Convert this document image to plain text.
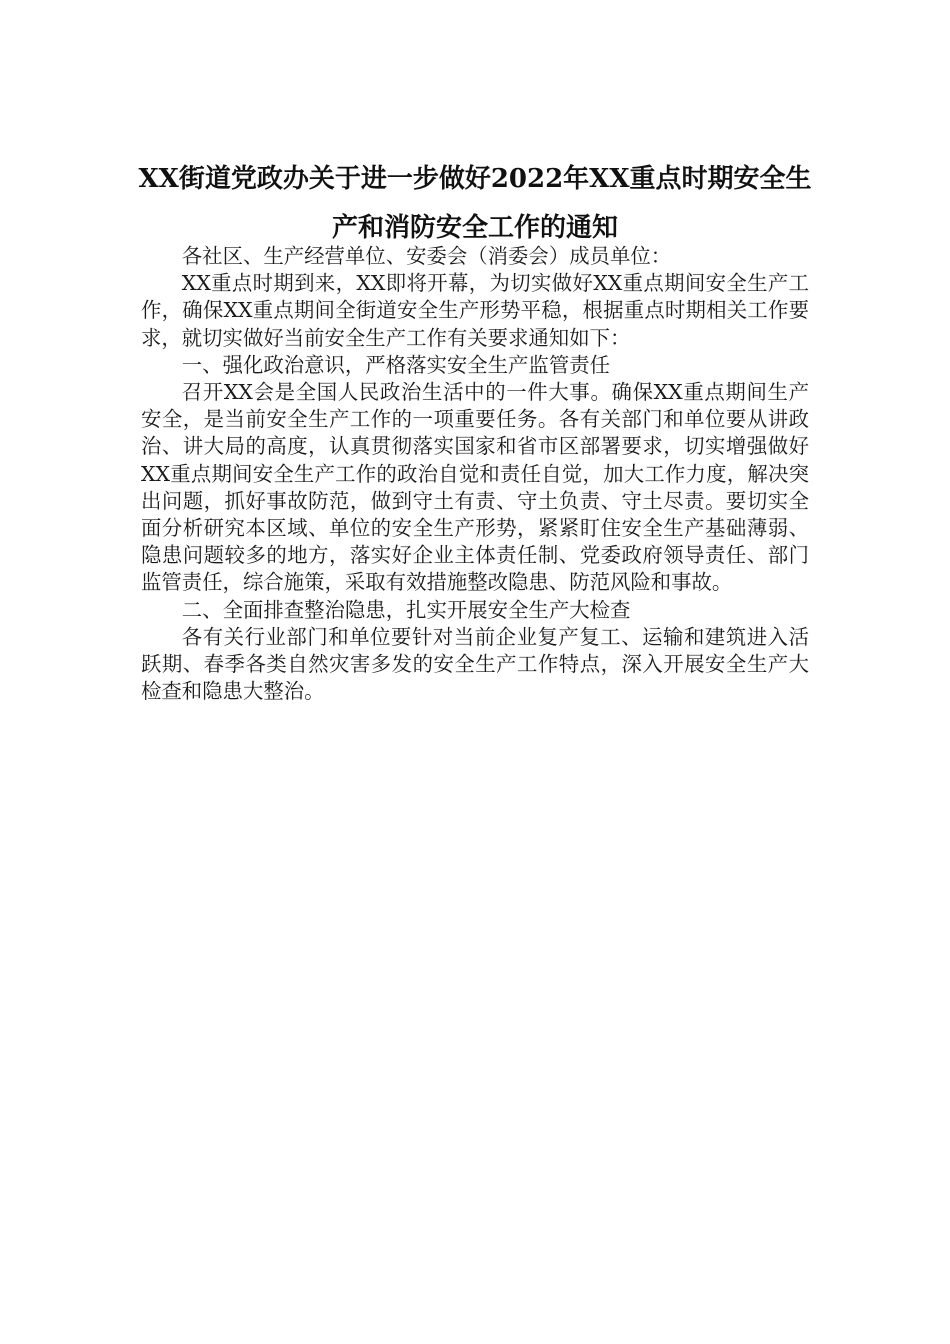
XX街道党政办关于进一步做好2022年XX重点时期安全生
产和消防安全工作的通知

各社区、生产经营单位、安委会（消委会）成员单位：

XX重点时期到来，XX即将开幕，为切实做好XX重点期间安全生产工作，确保XX重点期间全街道安全生产形势平稳，根据重点时期相关工作要求，就切实做好当前安全生产工作有关要求通知如下：

一、强化政治意识，严格落实安全生产监管责任

召开XX会是全国人民政治生活中的一件大事。确保XX重点期间生产安全，是当前安全生产工作的一项重要任务。各有关部门和单位要从讲政治、讲大局的高度，认真贯彻落实国家和省市区部署要求，切实增强做好XX重点期间安全生产工作的政治自觉和责任自觉，加大工作力度，解决突出问题，抓好事故防范，做到守土有责、守土负责、守土尽责。要切实全面分析研究本区域、单位的安全生产形势，紧紧盯住安全生产基础薄弱、隐患问题较多的地方，落实好企业主体责任制、党委政府领导责任、部门监管责任，综合施策，采取有效措施整改隐患、防范风险和事故。

二、全面排查整治隐患，扎实开展安全生产大检查

各有关行业部门和单位要针对当前企业复产复工、运输和建筑进入活跃期、春季各类自然灾害多发的安全生产工作特点，深入开展安全生产大检查和隐患大整治。
